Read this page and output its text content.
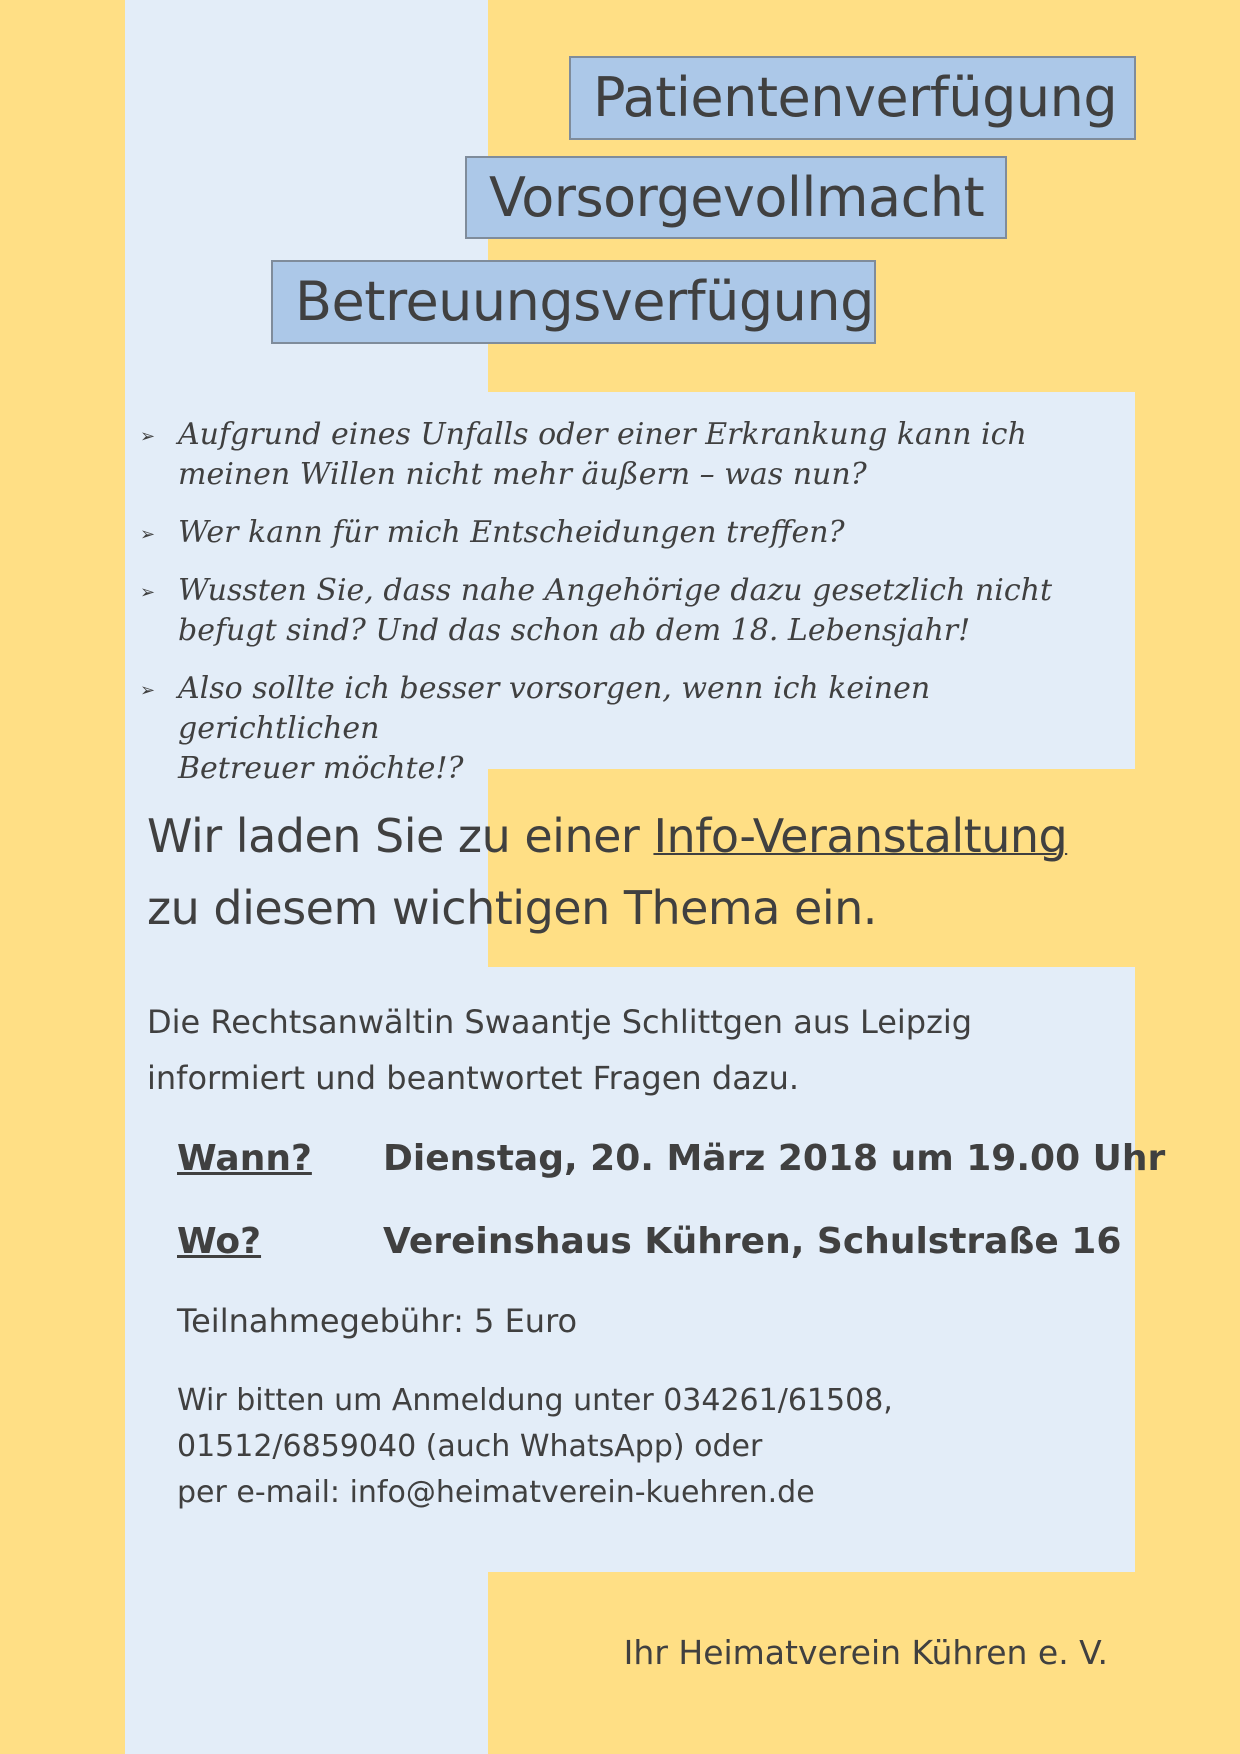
Patientenverfügung
Vorsorgevollmacht
Betreuungsverfügung
➢ Aufgrund eines Unfalls oder einer Erkrankung kann ich
meinen Willen nicht mehr äußern – was nun?
➢ Wer kann für mich Entscheidungen treffen?
➢ Wussten Sie, dass nahe Angehörige dazu gesetzlich nicht
befugt sind? Und das schon ab dem 18. Lebensjahr!
➢ Also sollte ich besser vorsorgen, wenn ich keinen gerichtlichen
Betreuer möchte!?
Wir laden Sie zu einer Info-Veranstaltung
zu diesem wichtigen Thema ein.
Die Rechtsanwältin Swaantje Schlittgen aus Leipzig
informiert und beantwortet Fragen dazu.
Wann? Dienstag, 20. März 2018 um 19.00 Uhr
Wo?	Vereinshaus Kühren, Schulstraße 16
Teilnahmegebühr: 5 Euro
Wir bitten um Anmeldung unter 034261/61508,
01512/6859040 (auch WhatsApp) oder
per e-mail: info@heimatverein-kuehren.de
Ihr Heimatverein Kühren e. V.
